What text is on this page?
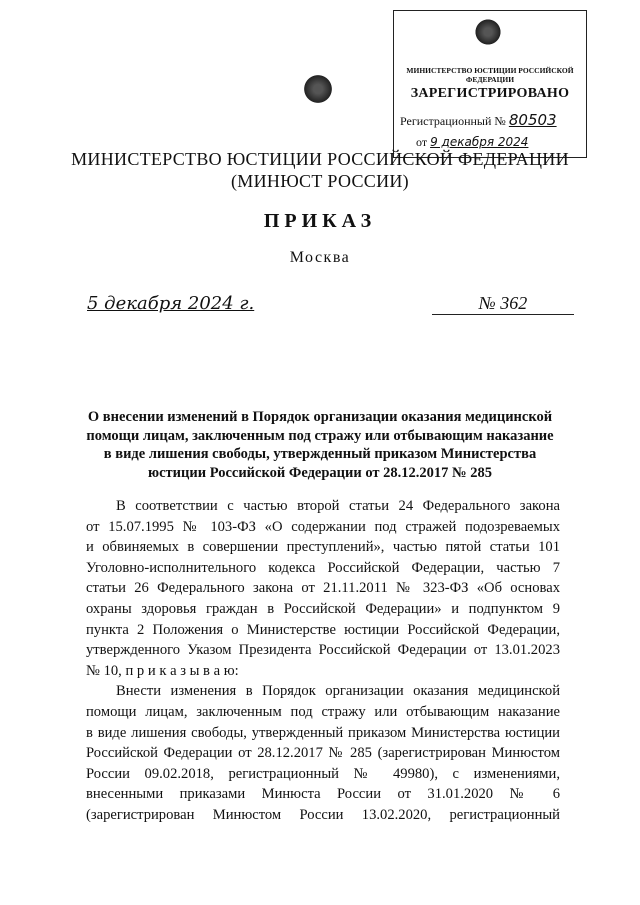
МИНИСТЕРСТВО ЮСТИЦИИ РОССИЙСКОЙ ФЕДЕРАЦИИ
ЗАРЕГИСТРИРОВАНО
Регистрационный № 80503
от 9 декабря 2024
МИНИСТЕРСТВО ЮСТИЦИИ РОССИЙСКОЙ ФЕДЕРАЦИИ
(МИНЮСТ РОССИИ)
ПРИКАЗ
Москва
5 декабря 2024 г.	№ 362
О внесении изменений в Порядок организации оказания медицинской
помощи лицам, заключенным под стражу или отбывающим наказание
в виде лишения свободы, утвержденный приказом Министерства
юстиции Российской Федерации от 28.12.2017 № 285
В соответствии с частью второй статьи 24 Федерального закона
от 15.07.1995 № 103-ФЗ «О содержании под стражей подозреваемых
и обвиняемых в совершении преступлений», частью пятой статьи 101
Уголовно-исполнительного кодекса Российской Федерации, частью 7
статьи 26 Федерального закона от 21.11.2011 № 323-ФЗ «Об основах
охраны здоровья граждан в Российской Федерации» и подпунктом 9
пункта 2 Положения о Министерстве юстиции Российской Федерации,
утвержденного Указом Президента Российской Федерации от 13.01.2023
№ 10, п р и к а з ы в а ю:
Внести изменения в Порядок организации оказания медицинской
помощи лицам, заключенным под стражу или отбывающим наказание
в виде лишения свободы, утвержденный приказом Министерства юстиции
Российской Федерации от 28.12.2017 № 285 (зарегистрирован Минюстом
России 09.02.2018, регистрационный № 49980), с изменениями,
внесенными приказами Минюста России от 31.01.2020 № 6
(зарегистрирован Минюстом России 13.02.2020, регистрационный
